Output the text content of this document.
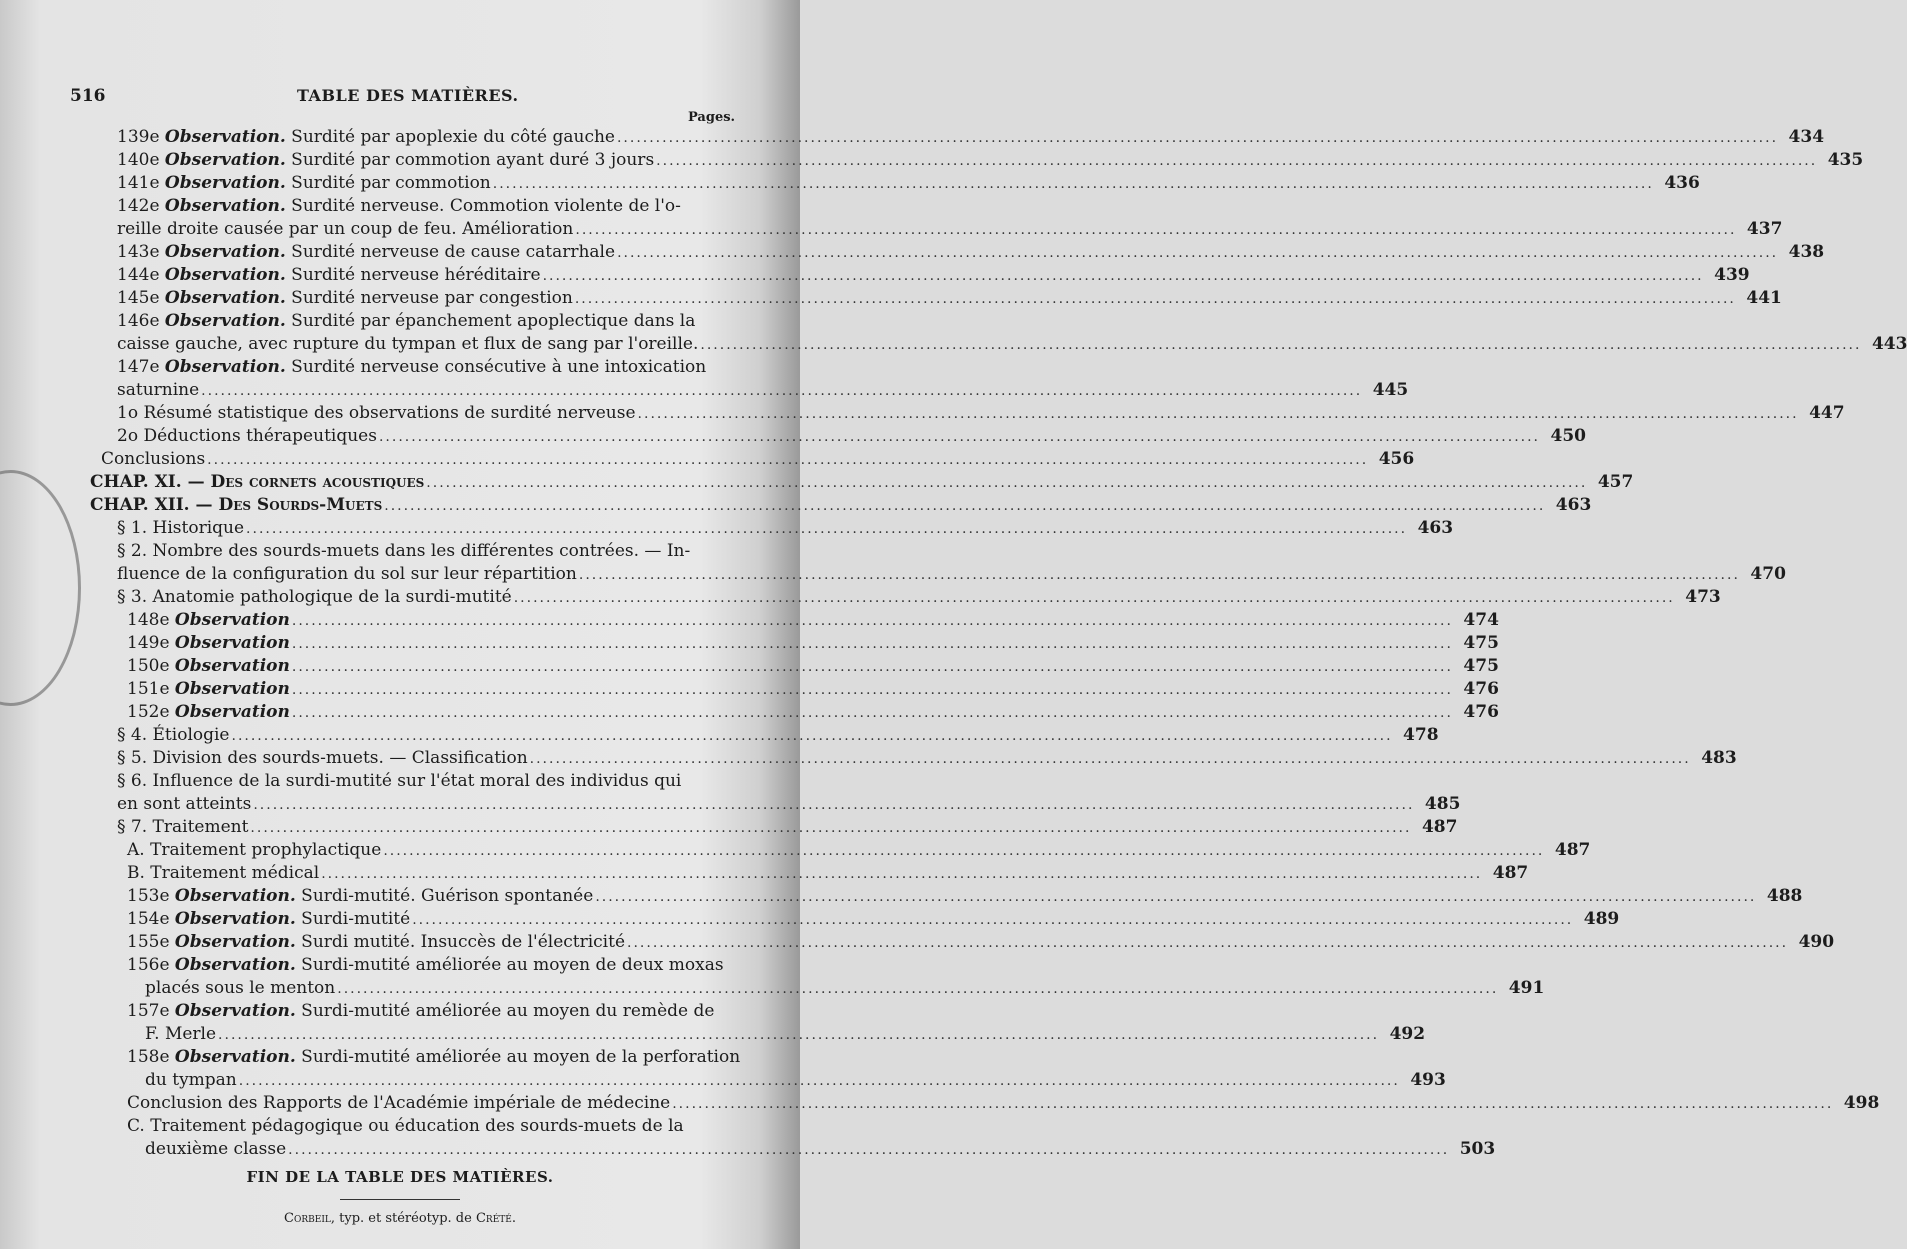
516	TABLE DES MATIÈRES.
Pages.
139e Observation. Surdité par apoplexie du côté gauche .....	434
140e Observation. Surdité par commotion ayant duré 3 jours .....	435
141e Observation. Surdité par commotion .....	436
142e Observation. Surdité nerveuse. Commotion violente de l'o-
reille droite causée par un coup de feu. Amélioration .....	437
143e Observation. Surdité nerveuse de cause catarrhale .....	438
144e Observation. Surdité nerveuse héréditaire .....	439
145e Observation. Surdité nerveuse par congestion .....	441
146e Observation. Surdité par épanchement apoplectique dans la
caisse gauche, avec rupture du tympan et flux de sang par l'oreille. .....	443
147e Observation. Surdité nerveuse consécutive à une intoxication
saturnine .....	445
1o Résumé statistique des observations de surdité nerveuse .....	447
2o Déductions thérapeutiques .....	450
Conclusions .....	456
CHAP. XI. — Des cornets acoustiques .....	457
CHAP. XII. — Des Sourds-Muets .....	463
§ 1. Historique .....	463
§ 2. Nombre des sourds-muets dans les différentes contrées. — In-
fluence de la configuration du sol sur leur répartition .....	470
§ 3. Anatomie pathologique de la surdi-mutité .....	473
148e Observation .....	474
149e Observation .....	475
150e Observation .....	475
151e Observation .....	476
152e Observation .....	476
§ 4. Étiologie .....	478
§ 5. Division des sourds-muets. — Classification .....	483
§ 6. Influence de la surdi-mutité sur l'état moral des individus qui
en sont atteints .....	485
§ 7. Traitement .....	487
A. Traitement prophylactique .....	487
B. Traitement médical .....	487
153e Observation. Surdi-mutité. Guérison spontanée .....	488
154e Observation. Surdi-mutité .....	489
155e Observation. Surdi mutité. Insuccès de l'électricité .....	490
156e Observation. Surdi-mutité améliorée au moyen de deux moxas
placés sous le menton .....	491
157e Observation. Surdi-mutité améliorée au moyen du remède de
F. Merle .....	492
158e Observation. Surdi-mutité améliorée au moyen de la perforation
du tympan .....	493
Conclusion des Rapports de l'Académie impériale de médecine .....	498
C. Traitement pédagogique ou éducation des sourds-muets de la
deuxième classe .....	503
FIN DE LA TABLE DES MATIÈRES.
Corbeil, typ. et stéréotyp. de Crété.
